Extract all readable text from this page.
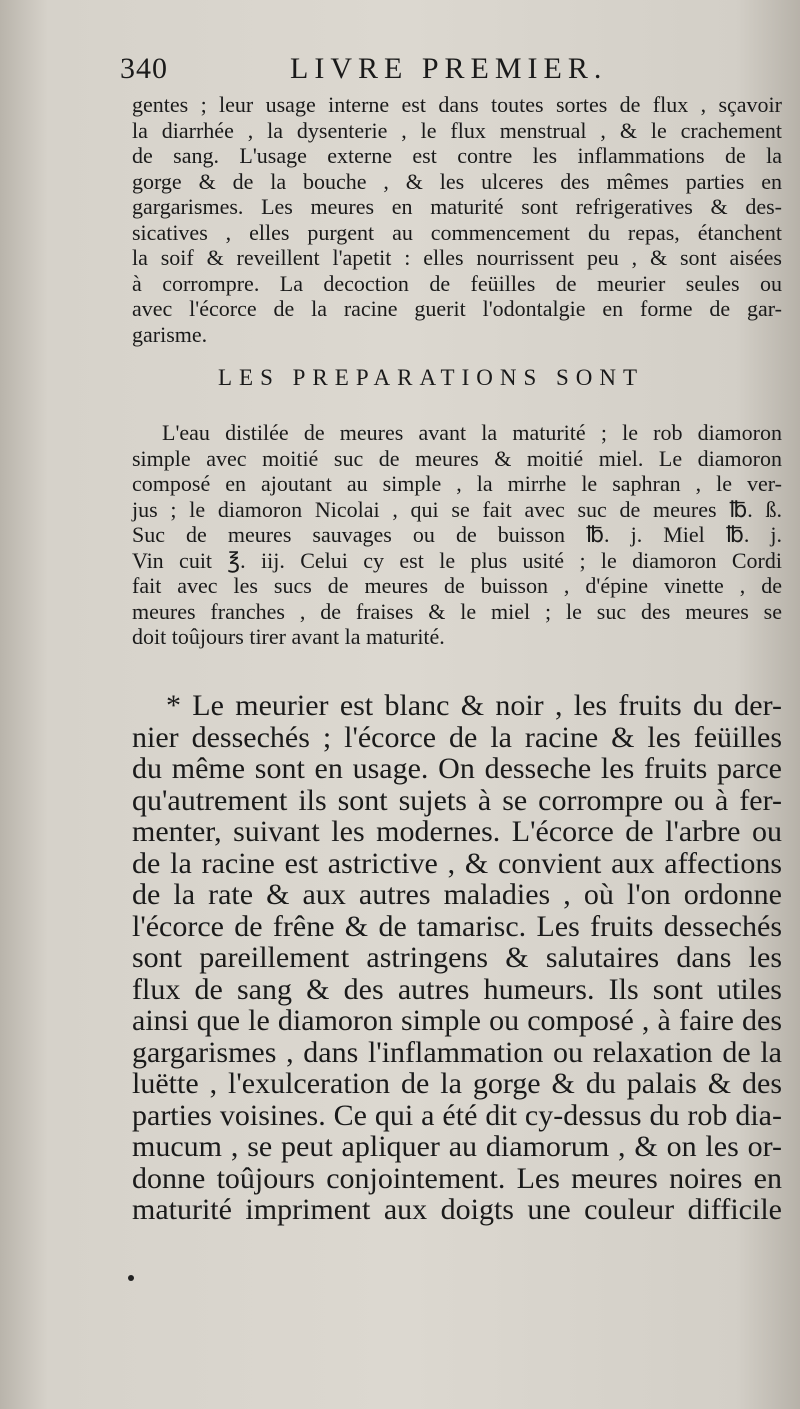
340	LIVRE PREMIER.
gentes ; leur usage interne est dans toutes sortes de flux , sçavoir
la diarrhée , la dysenterie , le flux menstrual , & le crachement
de sang. L'usage externe est contre les inflammations de la
gorge & de la bouche , & les ulceres des mêmes parties en
gargarismes. Les meures en maturité sont refrigeratives & des-
sicatives , elles purgent au commencement du repas, étanchent
la soif & reveillent l'apetit : elles nourrissent peu , & sont aisées
à corrompre. La decoction de feüilles de meurier seules ou
avec l'écorce de la racine guerit l'odontalgie en forme de gar-
garisme.
LES PREPARATIONS SONT
L'eau distilée de meures avant la maturité ; le rob diamoron
simple avec moitié suc de meures & moitié miel. Le diamoron
composé en ajoutant au simple , la mirrhe le saphran , le ver-
jus ; le diamoron Nicolai , qui se fait avec suc de meures ℔. ß.
Suc de meures sauvages ou de buisson ℔. j. Miel ℔. j.
Vin cuit ℥. iij. Celui cy est le plus usité ; le diamoron Cordi
fait avec les sucs de meures de buisson , d'épine vinette , de
meures franches , de fraises & le miel ; le suc des meures se
doit toûjours tirer avant la maturité.
* Le meurier est blanc & noir , les fruits du der-
nier dessechés ; l'écorce de la racine & les feüilles
du même sont en usage. On desseche les fruits parce
qu'autrement ils sont sujets à se corrompre ou à fer-
menter, suivant les modernes. L'écorce de l'arbre ou
de la racine est astrictive , & convient aux affections
de la rate & aux autres maladies , où l'on ordonne
l'écorce de frêne & de tamarisc. Les fruits dessechés
sont pareillement astringens & salutaires dans les
flux de sang & des autres humeurs. Ils sont utiles
ainsi que le diamoron simple ou composé , à faire des
gargarismes , dans l'inflammation ou relaxation de la
luëtte , l'exulceration de la gorge & du palais & des
parties voisines. Ce qui a été dit cy-dessus du rob dia-
mucum , se peut apliquer au diamorum , & on les or-
donne toûjours conjointement. Les meures noires en
maturité impriment aux doigts une couleur difficile
